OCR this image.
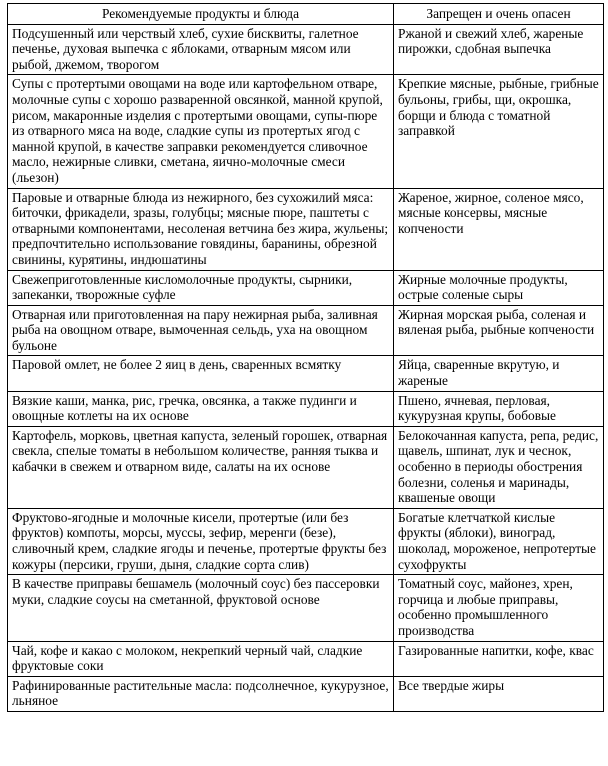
Рекомендуемые продукты и блюда	Запрещен и очень опасен
Подсушенный или черствый хлеб, сухие бисквиты, галетное печенье, духовая выпечка с яблоками, отварным мясом или рыбой, джемом, творогом	Ржаной и свежий хлеб, жареные пирожки, сдобная выпечка
Супы с протертыми овощами на воде или картофельном отваре, молочные супы с хорошо разваренной овсянкой, манной крупой, рисом, макаронные изделия с протертыми овощами, супы-пюре из отварного мяса на воде, сладкие супы из протертых ягод с манной крупой, в качестве заправки рекомендуется сливочное масло, нежирные сливки, сметана, яично-молочные смеси (льезон)	Крепкие мясные, рыбные, грибные бульоны, грибы, щи, окрошка, борщи и блюда с томатной заправкой
Паровые и отварные блюда из нежирного, без сухожилий мяса: биточки, фрикадели, зразы, голубцы; мясные пюре, паштеты с отварными компонентами, несоленая ветчина без жира, жульены; предпочтительно использование говядины, баранины, обрезной свинины, курятины, индюшатины	Жареное, жирное, соленое мясо, мясные консервы, мясные копчености
Свежеприготовленные кисломолочные продукты, сырники, запеканки, творожные суфле	Жирные молочные продукты, острые соленые сыры
Отварная или приготовленная на пару нежирная рыба, заливная рыба на овощном отваре, вымоченная сельдь, уха на овощном бульоне	Жирная морская рыба, соленая и вяленая рыба, рыбные копчености
Паровой омлет, не более 2 яиц в день, сваренных всмятку	Яйца, сваренные вкрутую, и жареные
Вязкие каши, манка, рис, гречка, овсянка, а также пудинги и овощные котлеты на их основе	Пшено, ячневая, перловая, кукурузная крупы, бобовые
Картофель, морковь, цветная капуста, зеленый горошек, отварная свекла, спелые томаты в небольшом количестве, ранняя тыква и кабачки в свежем и отварном виде, салаты на их основе	Белокочанная капуста, репа, редис, щавель, шпинат, лук и чеснок, особенно в периоды обострения болезни, соленья и маринады, квашеные овощи
Фруктово-ягодные и молочные кисели, протертые (или без фруктов) компоты, морсы, муссы, зефир, меренги (безе), сливочный крем, сладкие ягоды и печенье, протертые фрукты без кожуры (персики, груши, дыня, сладкие сорта слив)	Богатые клетчаткой кислые фрукты (яблоки), виноград, шоколад, мороженое, непротертые сухофрукты
В качестве приправы бешамель (молочный соус) без пассеровки муки, сладкие соусы на сметанной, фруктовой основе	Томатный соус, майонез, хрен, горчица и любые приправы, особенно промышленного производства
Чай, кофе и какао с молоком, некрепкий черный чай, сладкие фруктовые соки	Газированные напитки, кофе, квас
Рафинированные растительные масла: подсолнечное, кукурузное, льняное	Все твердые жиры
